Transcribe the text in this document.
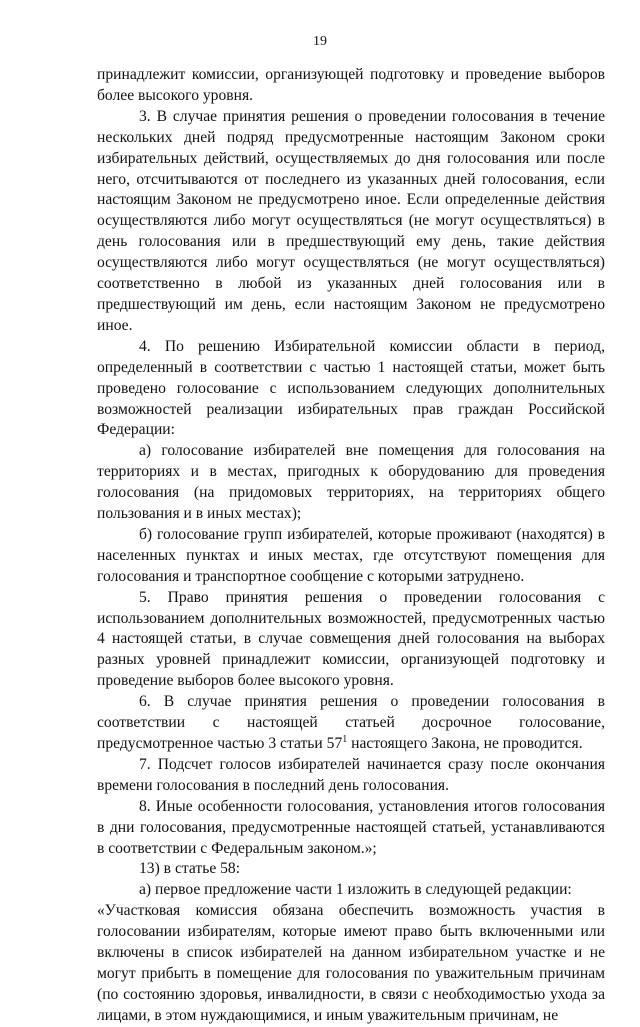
19

принадлежит комиссии, организующей подготовку и проведение выборов более высокого уровня.

3. В случае принятия решения о проведении голосования в течение нескольких дней подряд предусмотренные настоящим Законом сроки избирательных действий, осуществляемых до дня голосования или после него, отсчитываются от последнего из указанных дней голосования, если настоящим Законом не предусмотрено иное. Если определенные действия осуществляются либо могут осуществляться (не могут осуществляться) в день голосования или в предшествующий ему день, такие действия осуществляются либо могут осуществляться (не могут осуществляться) соответственно в любой из указанных дней голосования или в предшествующий им день, если настоящим Законом не предусмотрено иное.

4. По решению Избирательной комиссии области в период, определенный в соответствии с частью 1 настоящей статьи, может быть проведено голосование с использованием следующих дополнительных возможностей реализации избирательных прав граждан Российской Федерации:

а) голосование избирателей вне помещения для голосования на территориях и в местах, пригодных к оборудованию для проведения голосования (на придомовых территориях, на территориях общего пользования и в иных местах);

б) голосование групп избирателей, которые проживают (находятся) в населенных пунктах и иных местах, где отсутствуют помещения для голосования и транспортное сообщение с которыми затруднено.

5. Право принятия решения о проведении голосования с использованием дополнительных возможностей, предусмотренных частью 4 настоящей статьи, в случае совмещения дней голосования на выборах разных уровней принадлежит комиссии, организующей подготовку и проведение выборов более высокого уровня.

6. В случае принятия решения о проведении голосования в соответствии с настоящей статьей досрочное голосование, предусмотренное частью 3 статьи $57^1$ настоящего Закона, не проводится.

7. Подсчет голосов избирателей начинается сразу после окончания времени голосования в последний день голосования.

8. Иные особенности голосования, установления итогов голосования в дни голосования, предусмотренные настоящей статьей, устанавливаются в соответствии с Федеральным законом.»;

13) в статье 58:

а) первое предложение части 1 изложить в следующей редакции:

«Участковая комиссия обязана обеспечить возможность участия в голосовании избирателям, которые имеют право быть включенными или включены в список избирателей на данном избирательном участке и не могут прибыть в помещение для голосования по уважительным причинам (по состоянию здоровья, инвалидности, в связи с необходимостью ухода за лицами, в этом нуждающимися, и иным уважительным причинам, не
